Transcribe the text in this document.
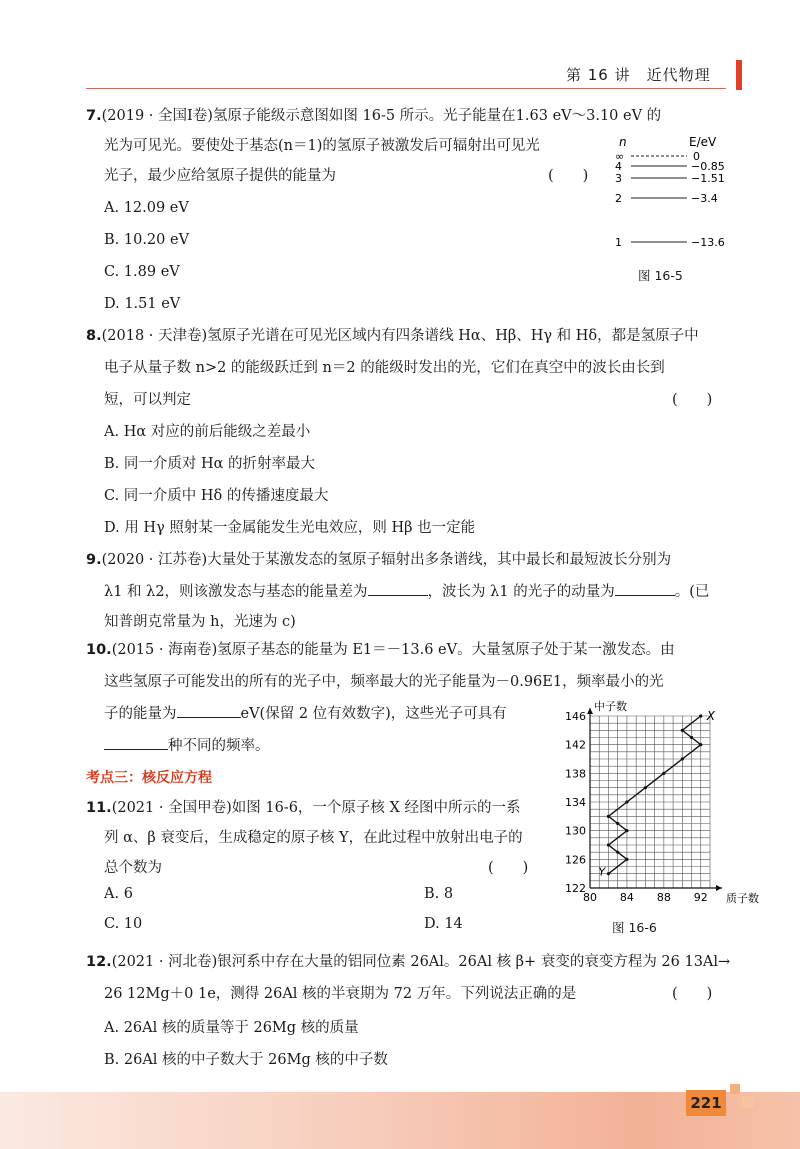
第 16 讲　近代物理
7.(2019 · 全国Ⅰ卷)氢原子能级示意图如图 16-5 所示。光子能量在1.63 eV～3.10 eV 的
光为可见光。要使处于基态(n＝1)的氢原子被激发后可辐射出可见光
光子，最少应给氢原子提供的能量为	(　　)
A. 12.09 eV
B. 10.20 eV
C. 1.89 eV
D. 1.51 eV
n	E/eV
∞	0
4	−0.85
3	−1.51
2	−3.4
1	−13.6
图 16-5
8.(2018 · 天津卷)氢原子光谱在可见光区域内有四条谱线 Hα、Hβ、Hγ 和 Hδ，都是氢原子中
电子从量子数 n>2 的能级跃迁到 n＝2 的能级时发出的光，它们在真空中的波长由长到
短，可以判定	(　　)
A. Hα 对应的前后能级之差最小
B. 同一介质对 Hα 的折射率最大
C. 同一介质中 Hδ 的传播速度最大
D. 用 Hγ 照射某一金属能发生光电效应，则 Hβ 也一定能
9.(2020 · 江苏卷)大量处于某激发态的氢原子辐射出多条谱线，其中最长和最短波长分别为
λ1 和 λ2，则该激发态与基态的能量差为	，波长为 λ1 的光子的动量为	。(已
知普朗克常量为 h，光速为 c)
10.(2015 · 海南卷)氢原子基态的能量为 E1＝－13.6 eV。大量氢原子处于某一激发态。由
这些氢原子可能发出的所有的光子中，频率最大的光子能量为－0.96E1，频率最小的光
子的能量为	eV(保留 2 位有效数字)，这些光子可具有
种不同的频率。
考点三：核反应方程
11.(2021 · 全国甲卷)如图 16-6，一个原子核 X 经图中所示的一系
列 α、β 衰变后，生成稳定的原子核 Y，在此过程中放射出电子的
总个数为	(　　)
A. 6	B. 8
C. 10	D. 14
80 84 88 92
122
126
130
134
138
142
146
中子数
质子数
X
Y
图 16-6
12.(2021 · 河北卷)银河系中存在大量的铝同位素 26Al。26Al 核 β+ 衰变的衰变方程为 26 13Al→
26 12Mg＋0 1e，测得 26Al 核的半衰期为 72 万年。下列说法正确的是	(　　)
A. 26Al 核的质量等于 26Mg 核的质量
B. 26Al 核的中子数大于 26Mg 核的中子数
221
